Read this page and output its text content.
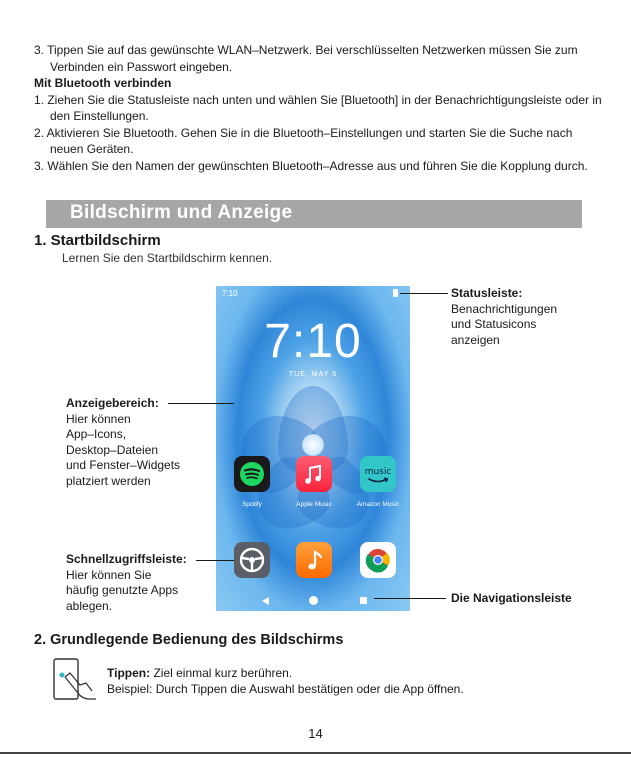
3. Tippen Sie auf das gewünschte WLAN–Netzwerk. Bei verschlüsselten Netzwerken müssen Sie zum Verbinden ein Passwort eingeben.

Mit Bluetooth verbinden

1. Ziehen Sie die Statusleiste nach unten und wählen Sie [Bluetooth] in der Benachrichtigungsleiste oder in den Einstellungen.

2. Aktivieren Sie Bluetooth. Gehen Sie in die Bluetooth–Einstellungen und starten Sie die Suche nach neuen Geräten.

3. Wählen Sie den Namen der gewünschten Bluetooth–Adresse aus und führen Sie die Kopplung durch.

Bildschirm und Anzeige
1. Startbildschirm
Lernen Sie den Startbildschirm kennen.
7:10
7:10
TUE, MAY 5
Spotify	Apple Music
music
Amazon Music
Statusleiste:
Benachrichtigungen
und Statusicons
anzeigen
Anzeigebereich:
Hier können
App–Icons,
Desktop–Dateien
und Fenster–Widgets
platziert werden
Schnellzugriffsleiste:
Hier können Sie
häufig genutzte Apps
ablegen.
Die Navigationsleiste
2. Grundlegende Bedienung des Bildschirms
Tippen: Ziel einmal kurz berühren.
Beispiel: Durch Tippen die Auswahl bestätigen oder die App öffnen.
14
